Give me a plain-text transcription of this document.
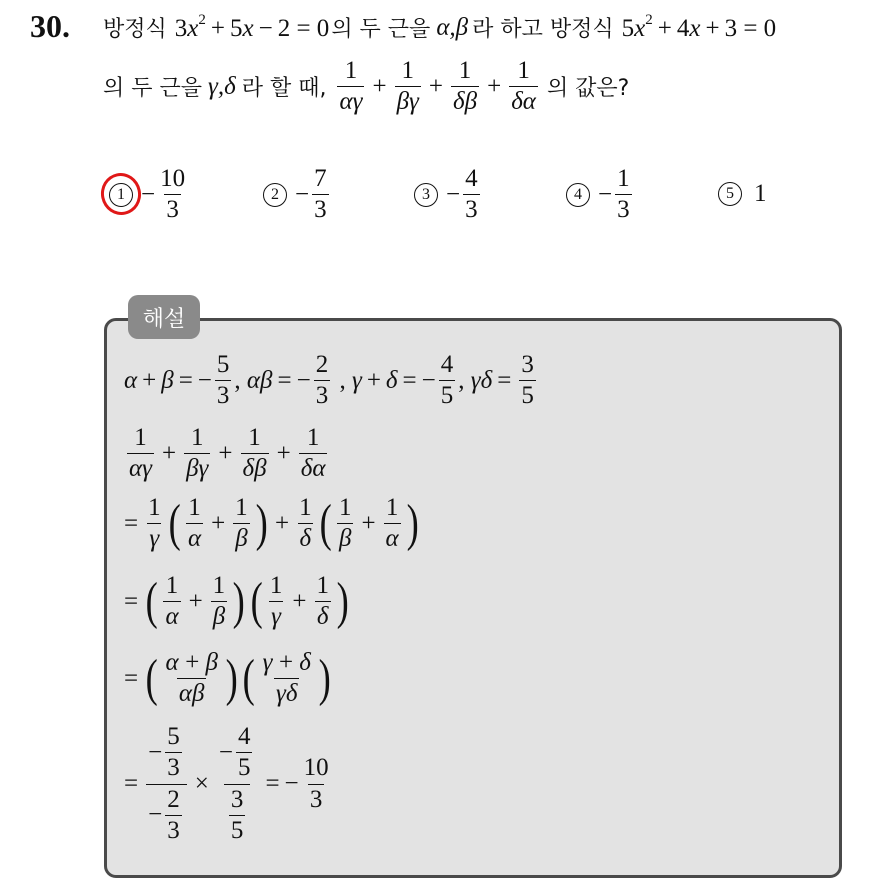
30. 방정식 $3x^2 + 5x - 2 = 0$ 의 두 근을 α,β 라 하고 방정식 $5x^2 + 4x + 3 = 0$
의 두 근을 γ,δ 라 할 때, $\frac{1}{\alpha\gamma} + \frac{1}{\beta\gamma} + \frac{1}{\delta\beta} + \frac{1}{\delta\alpha}$ 의 값은?
$1 - \frac{10}{3}$	$2 - \frac{7}{3}$	$3 - \frac{4}{3}$	$4 - \frac{1}{3}$	5 1
해설
α + β = − $\frac{5}{3}$ , αβ = − $\frac{2}{3}$ , γ + δ = − $\frac{4}{5}$ , $\gamma\delta = \frac{3}{5}$
$\frac{1}{\alpha\gamma} + \frac{1}{\beta\gamma} + \frac{1}{\delta\beta} + \frac{1}{\delta\alpha}$
= $\frac{1}{\gamma}$ ( $\frac{1}{\alpha} + \frac{1}{\beta}$ ) + $\frac{1}{\delta}$ ( $\frac{1}{\beta} + \frac{1}{\alpha}$ )
= ( $\frac{1}{\alpha} + \frac{1}{\beta}$ ) ( $\frac{1}{\gamma} + \frac{1}{\delta}$ )
= ( $\frac{\alpha + \beta}{\alpha\beta}$ ) ( $\frac{\gamma + \delta}{\gamma\delta}$ )
= $\frac{- \frac{5}{3}}{- \frac{2}{3}} \times \frac{- \frac{4}{5}}{\frac{3}{5}}$ = − $\frac{10}{3}$
